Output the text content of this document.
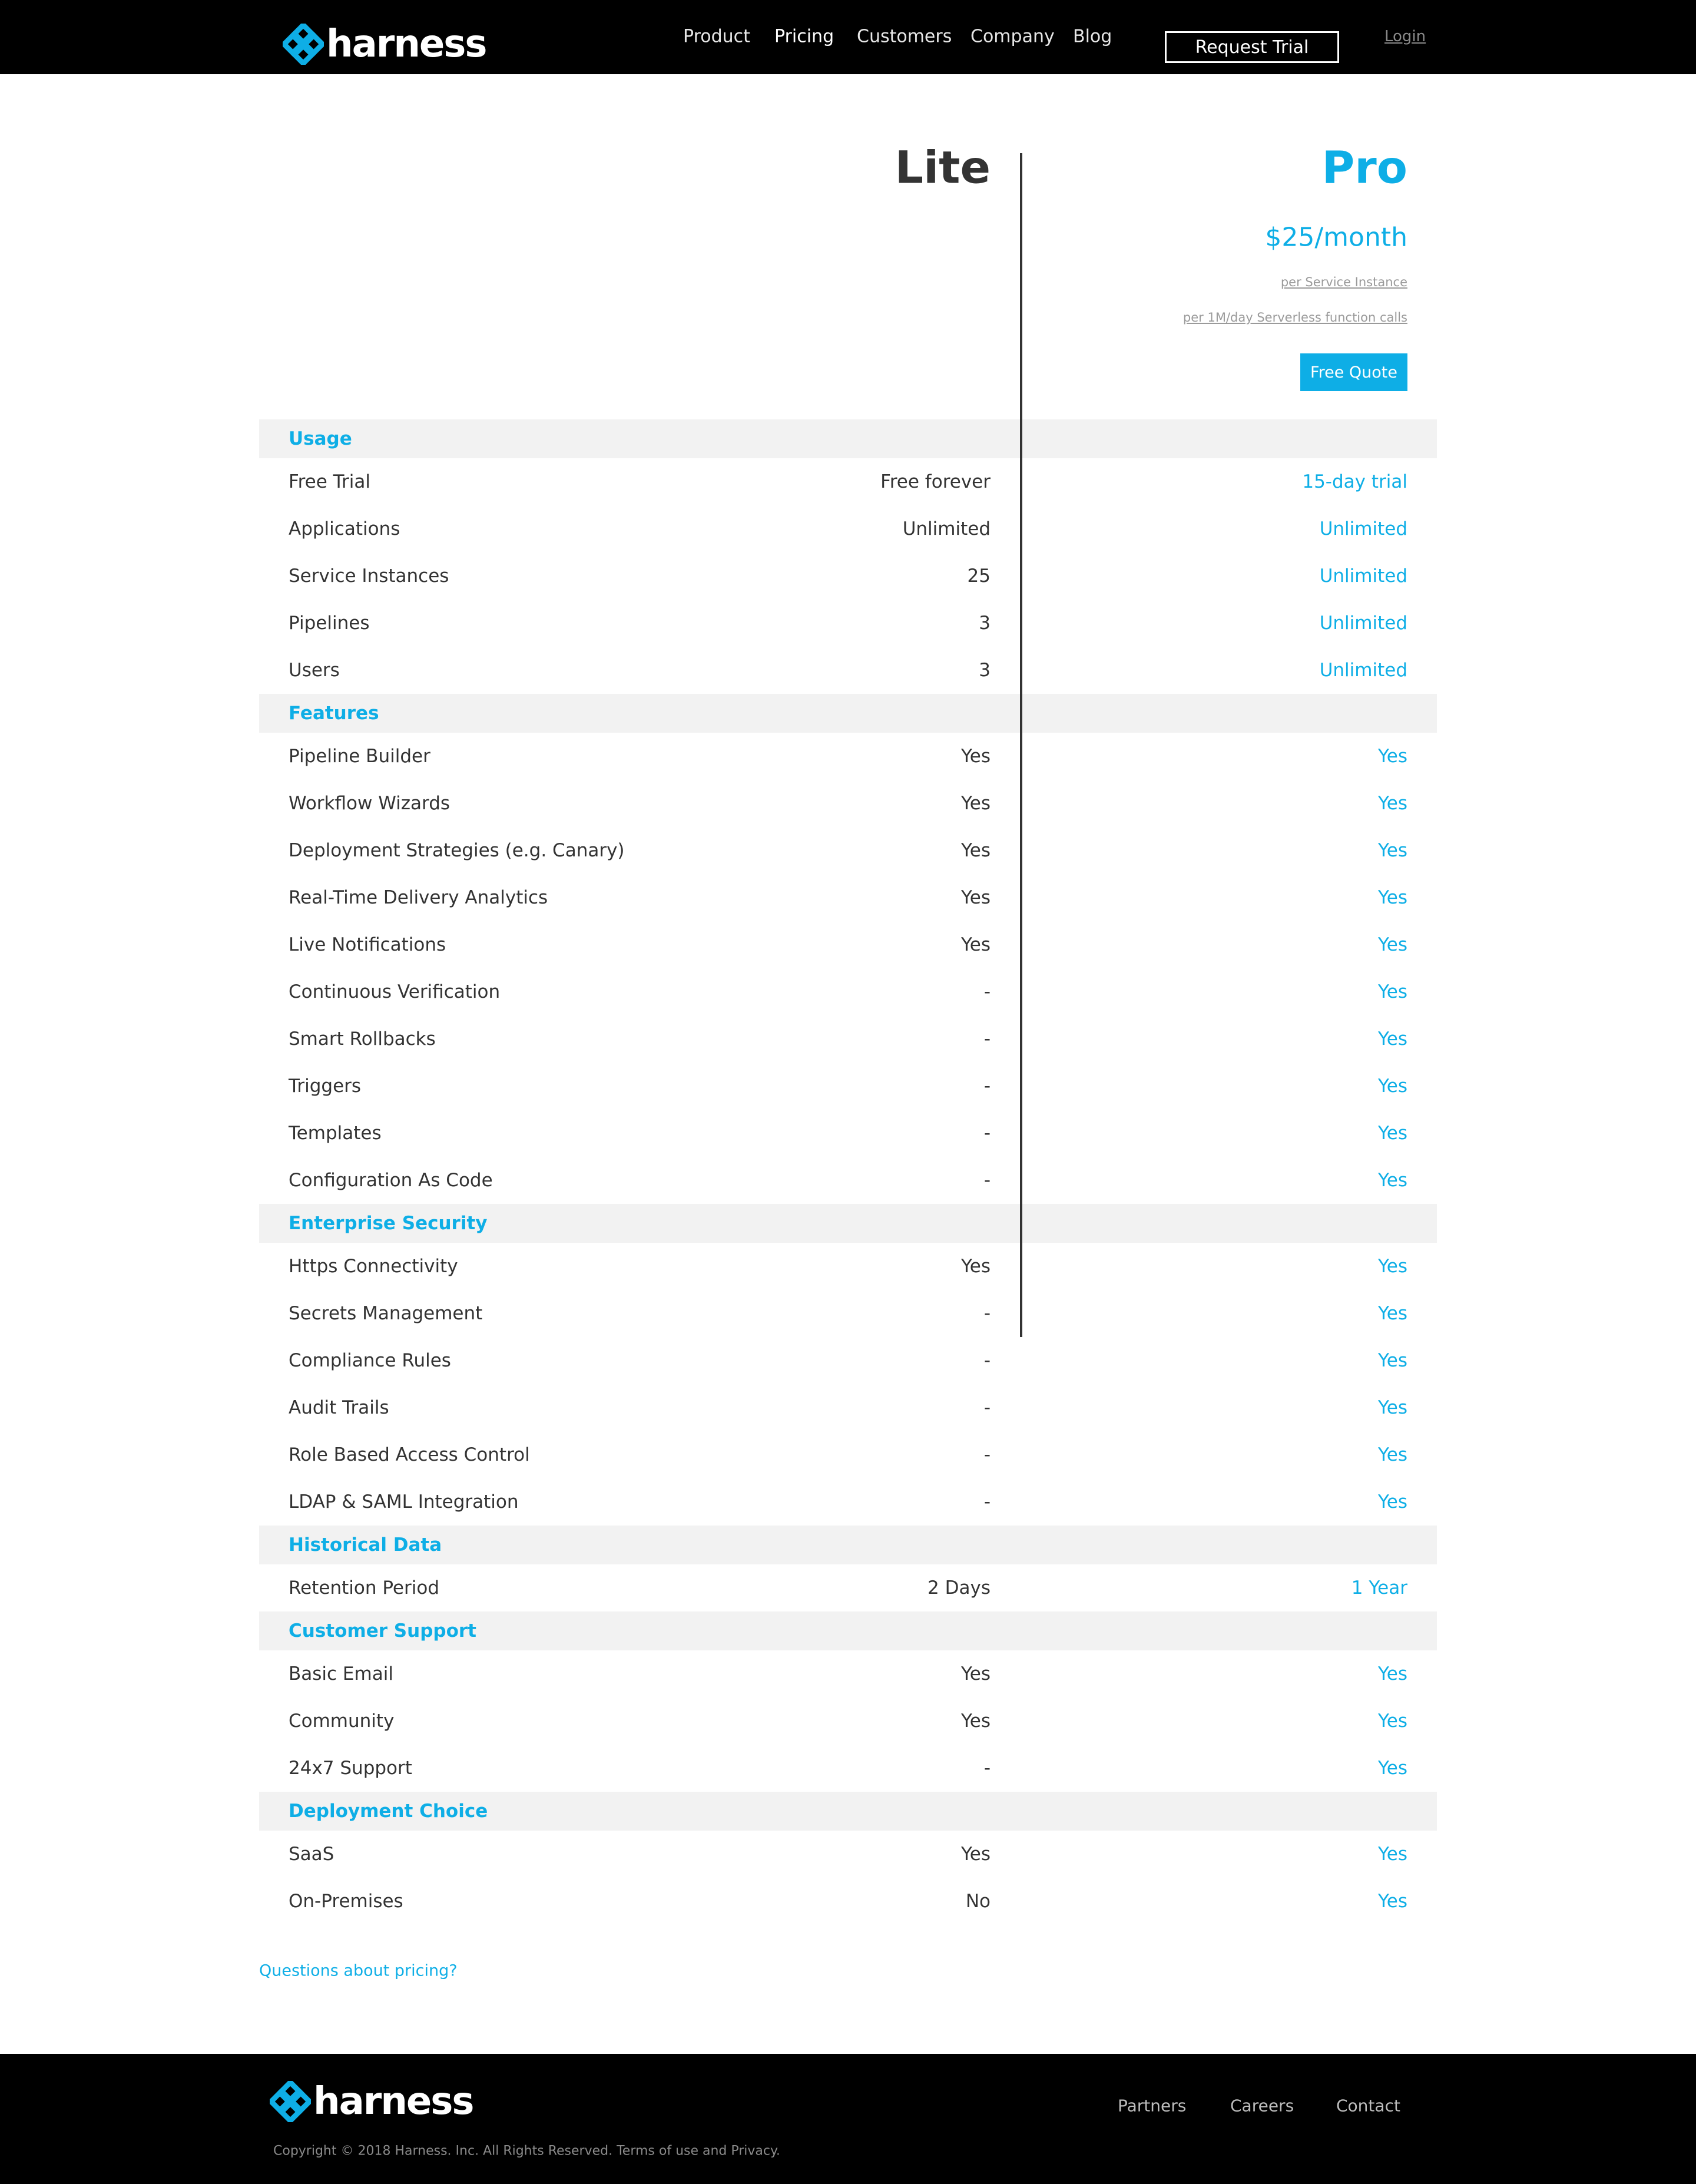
harness	Product Pricing Customers Company Blog
Request Trial
Login
Lite	Pro
$25/month
per Service Instance
per 1M/day Serverless function calls
Free Quote
Usage
Free Trial	Free forever	15-day trial
Applications	Unlimited	Unlimited
Service Instances	25	Unlimited
Pipelines	3	Unlimited
Users	3	Unlimited
Features
Pipeline Builder	Yes	Yes
Workflow Wizards	Yes	Yes
Deployment Strategies (e.g. Canary)	Yes	Yes
Real-Time Delivery Analytics	Yes	Yes
Live Notifications	Yes	Yes
Continuous Verification	-	Yes
Smart Rollbacks	-	Yes
Triggers	-	Yes
Templates	-	Yes
Configuration As Code	-	Yes
Enterprise Security
Https Connectivity	Yes	Yes
Secrets Management	-	Yes
Compliance Rules	-	Yes
Audit Trails	-	Yes
Role Based Access Control	-	Yes
LDAP & SAML Integration	-	Yes
Historical Data
Retention Period	2 Days	1 Year
Customer Support
Basic Email	Yes	Yes
Community	Yes	Yes
24x7 Support	-	Yes
Deployment Choice
SaaS	Yes	Yes
On-Premises	No	Yes
Questions about pricing?
harness	Partners	Careers	Contact
Copyright © 2018 Harness. Inc. All Rights Reserved. Terms of use and Privacy.
